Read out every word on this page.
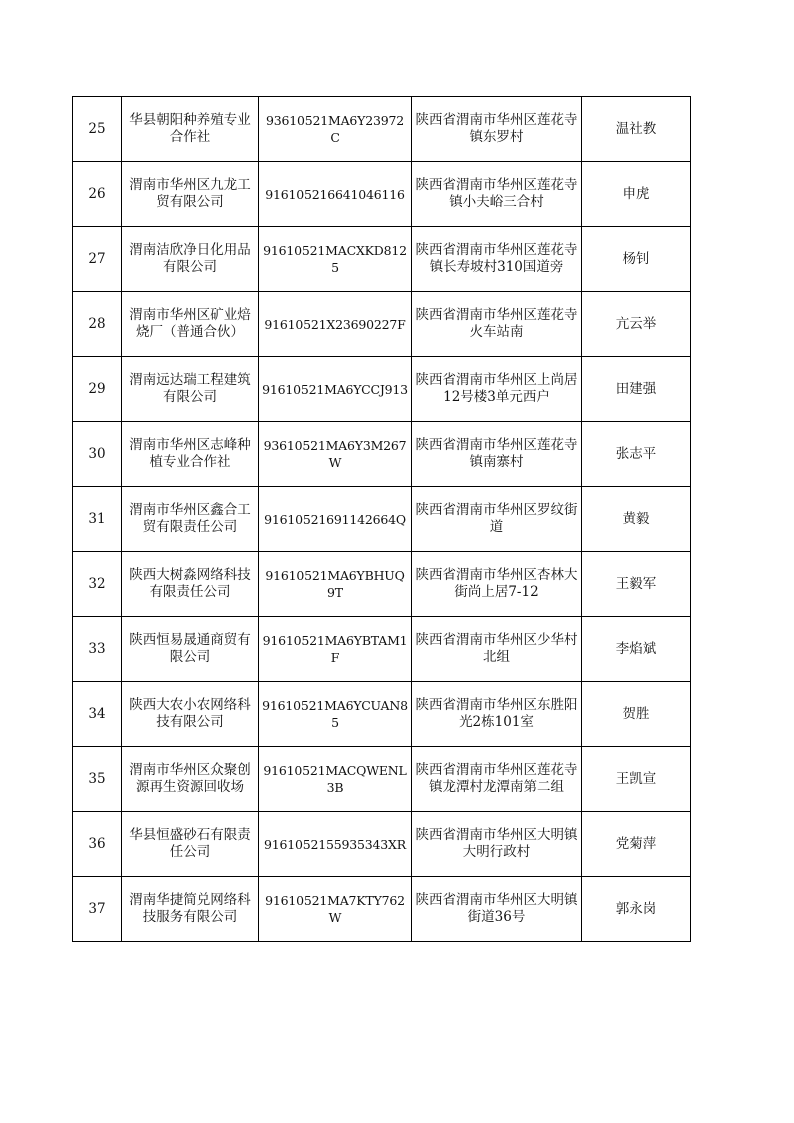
25	华县朝阳种养殖专业合作社	93610521MA6Y23972C	陕西省渭南市华州区莲花寺镇东罗村	温社教
26	渭南市华州区九龙工贸有限公司	916105216641046116	陕西省渭南市华州区莲花寺镇小夫峪三合村	申虎
27	渭南洁欣净日化用品有限公司	91610521MACXKD8125	陕西省渭南市华州区莲花寺镇长寿坡村310国道旁	杨钊
28	渭南市华州区矿业焙烧厂（普通合伙）	91610521X23690227F	陕西省渭南市华州区莲花寺火车站南	亢云举
29	渭南远达瑞工程建筑有限公司	91610521MA6YCCJ913	陕西省渭南市华州区上尚居12号楼3单元西户	田建强
30	渭南市华州区志峰种植专业合作社	93610521MA6Y3M267W	陕西省渭南市华州区莲花寺镇南寨村	张志平
31	渭南市华州区鑫合工贸有限责任公司	91610521691142664Q	陕西省渭南市华州区罗纹街道	黄毅
32	陕西大树淼网络科技有限责任公司	91610521MA6YBHUQ9T	陕西省渭南市华州区杏林大街尚上居7-12	王毅军
33	陕西恒易晟通商贸有限公司	91610521MA6YBTAM1F	陕西省渭南市华州区少华村北组	李焰斌
34	陕西大农小农网络科技有限公司	91610521MA6YCUAN85	陕西省渭南市华州区东胜阳光2栋101室	贺胜
35	渭南市华州区众聚创源再生资源回收场	91610521MACQWENL3B	陕西省渭南市华州区莲花寺镇龙潭村龙潭南第二组	王凯宣
36	华县恒盛砂石有限责任公司	9161052155935343XR	陕西省渭南市华州区大明镇大明行政村	党菊萍
37	渭南华捷简兑网络科技服务有限公司	91610521MA7KTY762W	陕西省渭南市华州区大明镇街道36号	郭永岗
